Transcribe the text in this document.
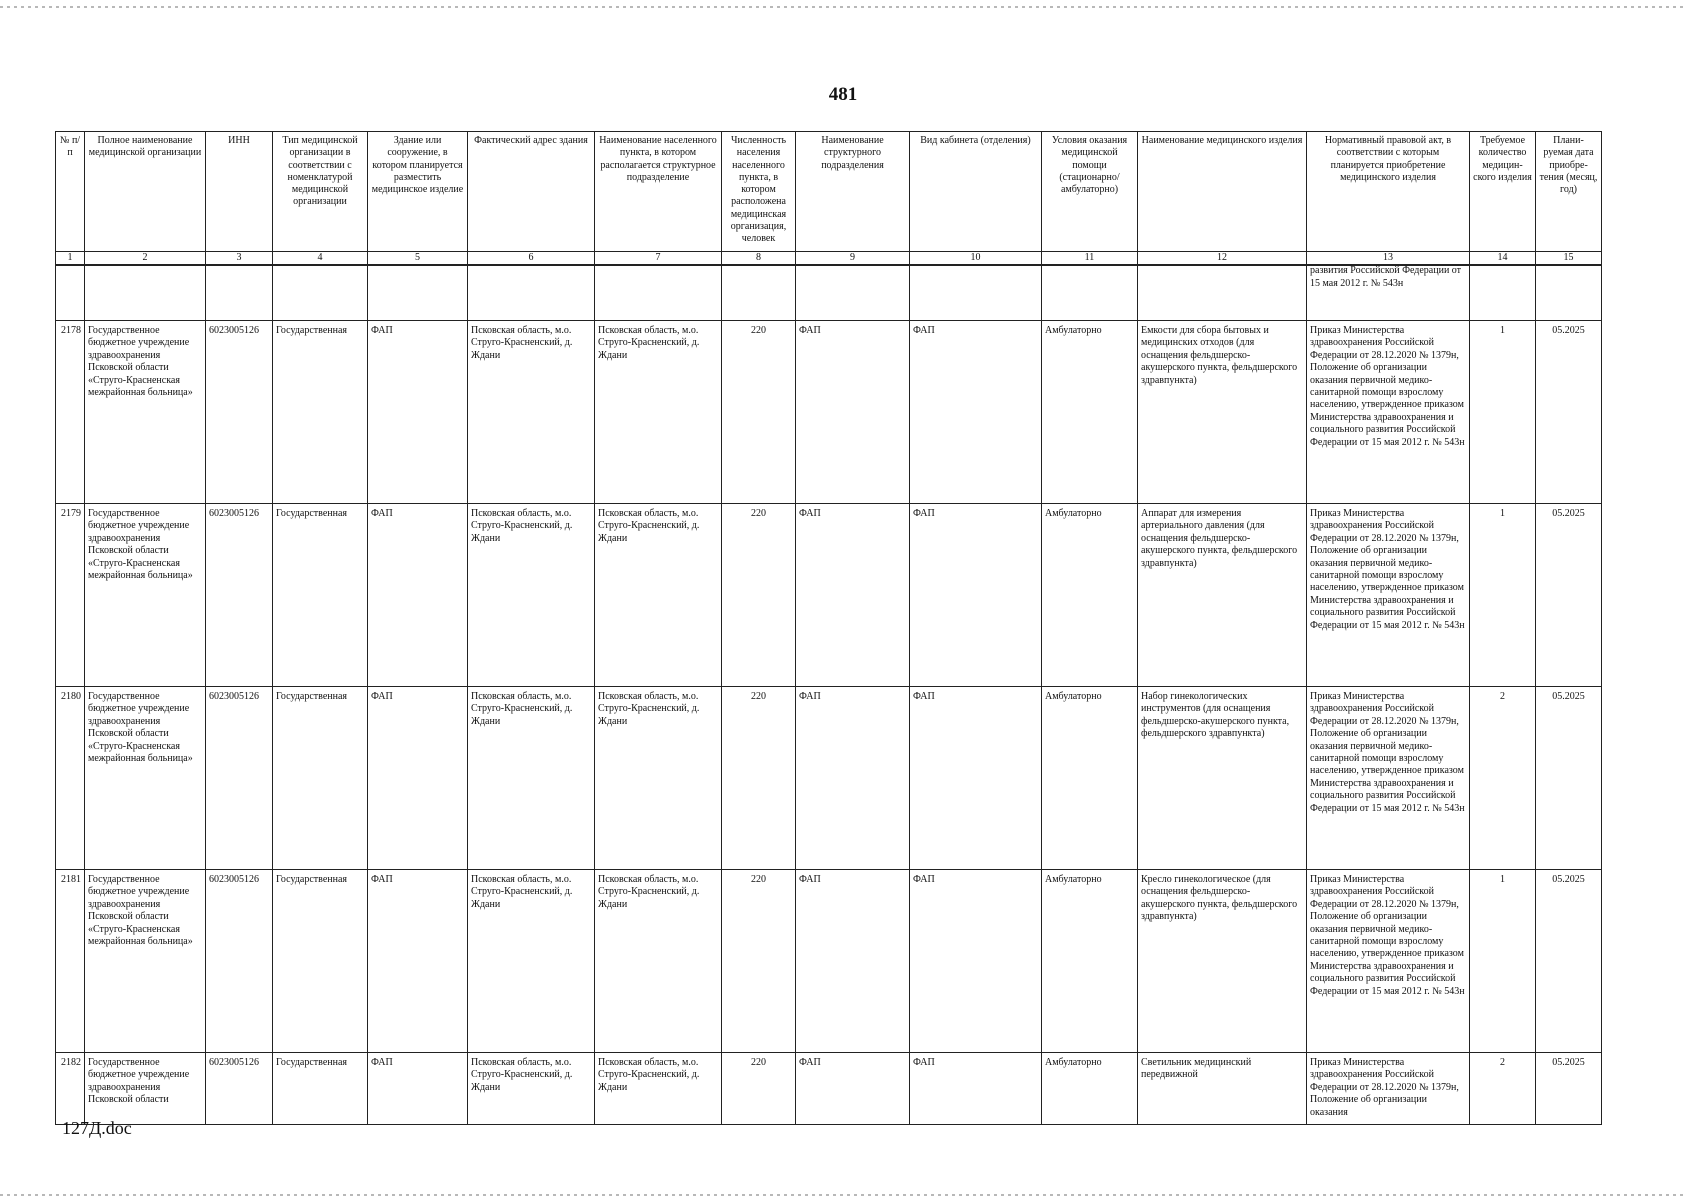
481
№ п/п	Полное наименование медицинской организации	ИНН	Тип медицинской организации в соответствии с номенклатурой медицинской организации	Здание или сооружение, в котором планируется разместить медицинское изделие	Фактический адрес здания	Наименование населенного пункта, в котором располагается структурное подразделение	Численность населения населенного пункта, в котором расположена медицинская организация, человек	Наименование структурного подразделения	Вид кабинета (отделения)	Условия оказания медицинской помощи (стационарно/ амбулаторно)	Наименование медицинского изделия	Нормативный правовой акт, в соответствии с которым планируется приобретение медицинского изделия	Требуемое количество медицин-ского изделия	Плани-руемая дата приобре-тения (месяц, год)
1	2	3	4	5	6	7	8	9	10	11	12	13	14	15

												развития Российской Федерации от 15 мая 2012 г. № 543н		

2178	Государственное бюджетное учреждение здравоохранения Псковской области «Струго-Красненская межрайонная больница»	6023005126	Государственная	ФАП	Псковская область, м.о. Струго-Красненский, д. Ждани	Псковская область, м.о. Струго-Красненский, д. Ждани	220	ФАП	ФАП	Амбулаторно	Емкости для сбора бытовых и медицинских отходов (для оснащения фельдшерско-акушерского пункта, фельдшерского здравпункта)	Приказ Министерства здравоохранения Российской Федерации от 28.12.2020 № 1379н, Положение об организации оказания первичной медико-санитарной помощи взрослому населению, утвержденное приказом Министерства здравоохранения и социального развития Российской Федерации от 15 мая 2012 г. № 543н	1	05.2025
2179	Государственное бюджетное учреждение здравоохранения Псковской области «Струго-Красненская межрайонная больница»	6023005126	Государственная	ФАП	Псковская область, м.о. Струго-Красненский, д. Ждани	Псковская область, м.о. Струго-Красненский, д. Ждани	220	ФАП	ФАП	Амбулаторно	Аппарат для измерения артериального давления (для оснащения фельдшерско-акушерского пункта, фельдшерского здравпункта)	Приказ Министерства здравоохранения Российской Федерации от 28.12.2020 № 1379н, Положение об организации оказания первичной медико-санитарной помощи взрослому населению, утвержденное приказом Министерства здравоохранения и социального развития Российской Федерации от 15 мая 2012 г. № 543н	1	05.2025
2180	Государственное бюджетное учреждение здравоохранения Псковской области «Струго-Красненская межрайонная больница»	6023005126	Государственная	ФАП	Псковская область, м.о. Струго-Красненский, д. Ждани	Псковская область, м.о. Струго-Красненский, д. Ждани	220	ФАП	ФАП	Амбулаторно	Набор гинекологических инструментов (для оснащения фельдшерско-акушерского пункта, фельдшерского здравпункта)	Приказ Министерства здравоохранения Российской Федерации от 28.12.2020 № 1379н, Положение об организации оказания первичной медико-санитарной помощи взрослому населению, утвержденное приказом Министерства здравоохранения и социального развития Российской Федерации от 15 мая 2012 г. № 543н	2	05.2025
2181	Государственное бюджетное учреждение здравоохранения Псковской области «Струго-Красненская межрайонная больница»	6023005126	Государственная	ФАП	Псковская область, м.о. Струго-Красненский, д. Ждани	Псковская область, м.о. Струго-Красненский, д. Ждани	220	ФАП	ФАП	Амбулаторно	Кресло гинекологическое (для оснащения фельдшерско-акушерского пункта, фельдшерского здравпункта)	Приказ Министерства здравоохранения Российской Федерации от 28.12.2020 № 1379н, Положение об организации оказания первичной медико-санитарной помощи взрослому населению, утвержденное приказом Министерства здравоохранения и социального развития Российской Федерации от 15 мая 2012 г. № 543н	1	05.2025
2182	Государственное бюджетное учреждение здравоохранения Псковской области	6023005126	Государственная	ФАП	Псковская область, м.о. Струго-Красненский, д. Ждани	Псковская область, м.о. Струго-Красненский, д. Ждани	220	ФАП	ФАП	Амбулаторно	Светильник медицинский передвижной	Приказ Министерства здравоохранения Российской Федерации от 28.12.2020 № 1379н, Положение об организации оказания	2	05.2025
127Д.doc
